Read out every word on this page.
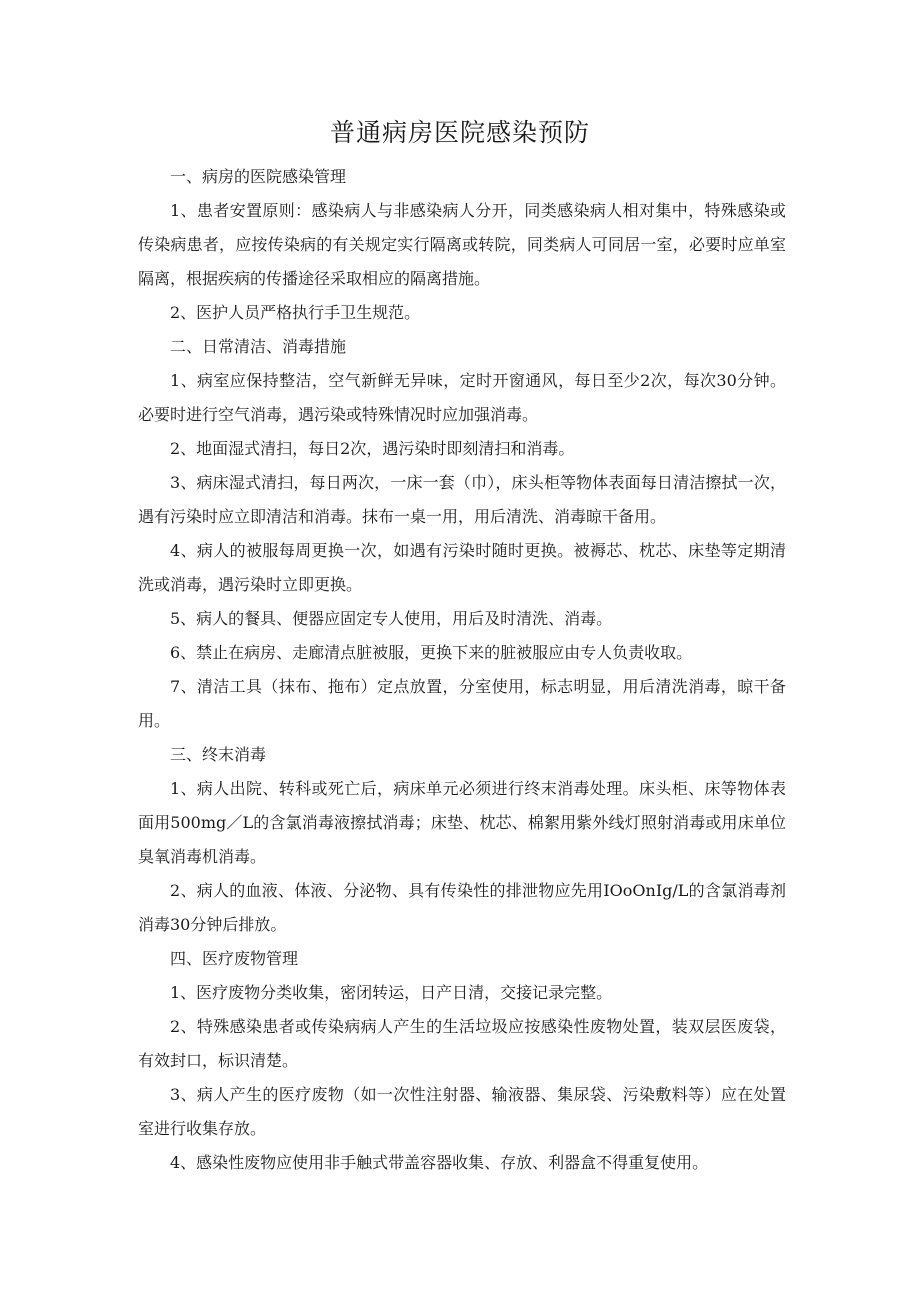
普通病房医院感染预防

一、病房的医院感染管理

1、患者安置原则：感染病人与非感染病人分开，同类感染病人相对集中，特殊感染或传染病患者，应按传染病的有关规定实行隔离或转院，同类病人可同居一室，必要时应单室隔离，根据疾病的传播途径采取相应的隔离措施。

2、医护人员严格执行手卫生规范。

二、日常清洁、消毒措施

1、病室应保持整洁，空气新鲜无异味，定时开窗通风，每日至少2次，每次30分钟。必要时进行空气消毒，遇污染或特殊情况时应加强消毒。

2、地面湿式清扫，每日2次，遇污染时即刻清扫和消毒。

3、病床湿式清扫，每日两次，一床一套（巾），床头柜等物体表面每日清洁擦拭一次，遇有污染时应立即清洁和消毒。抹布一桌一用，用后清洗、消毒晾干备用。

4、病人的被服每周更换一次，如遇有污染时随时更换。被褥芯、枕芯、床垫等定期清洗或消毒，遇污染时立即更换。

5、病人的餐具、便器应固定专人使用，用后及时清洗、消毒。

6、禁止在病房、走廊清点脏被服，更换下来的脏被服应由专人负责收取。

7、清洁工具（抹布、拖布）定点放置，分室使用，标志明显，用后清洗消毒，晾干备用。

三、终末消毒

1、病人出院、转科或死亡后，病床单元必须进行终末消毒处理。床头柜、床等物体表面用500mg／L的含氯消毒液擦拭消毒；床垫、枕芯、棉絮用紫外线灯照射消毒或用床单位臭氧消毒机消毒。

2、病人的血液、体液、分泌物、具有传染性的排泄物应先用IOoOnIg/L的含氯消毒剂消毒30分钟后排放。

四、医疗废物管理

1、医疗废物分类收集，密闭转运，日产日清，交接记录完整。

2、特殊感染患者或传染病病人产生的生活垃圾应按感染性废物处置，装双层医废袋，有效封口，标识清楚。

3、病人产生的医疗废物（如一次性注射器、输液器、集尿袋、污染敷料等）应在处置室进行收集存放。

4、感染性废物应使用非手触式带盖容器收集、存放、利器盒不得重复使用。
